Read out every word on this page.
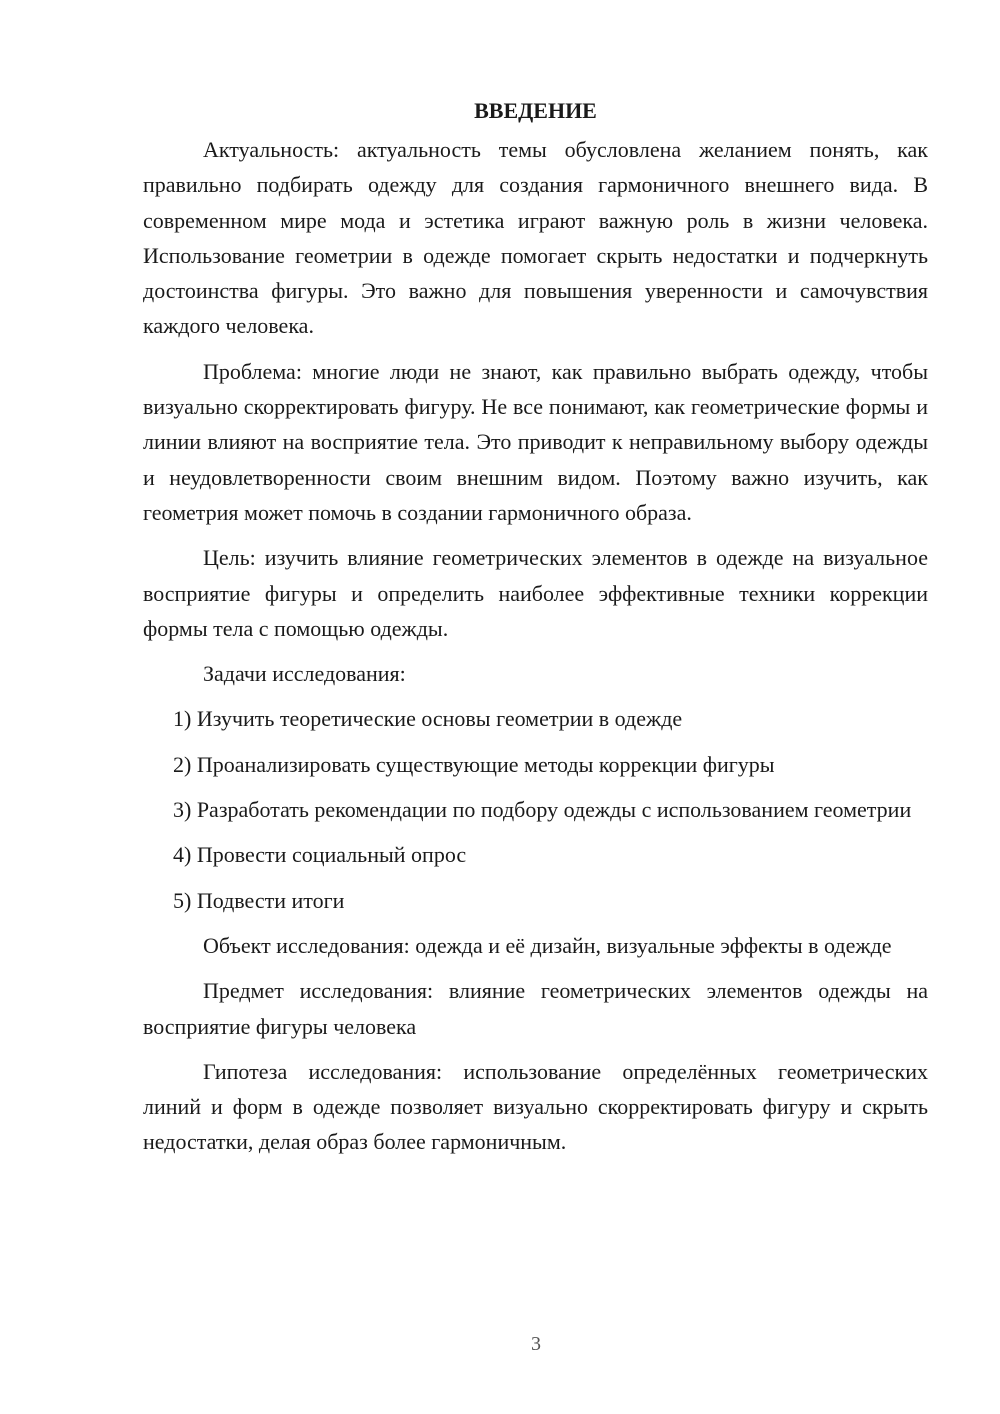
ВВЕДЕНИЕ

Актуальность: актуальность темы обусловлена желанием понять, как правильно подбирать одежду для создания гармоничного внешнего вида. В современном мире мода и эстетика играют важную роль в жизни человека. Использование геометрии в одежде помогает скрыть недостатки и подчеркнуть достоинства фигуры. Это важно для повышения уверенности и самочувствия каждого человека.

Проблема: многие люди не знают, как правильно выбрать одежду, чтобы визуально скорректировать фигуру. Не все понимают, как геометрические формы и линии влияют на восприятие тела. Это приводит к неправильному выбору одежды и неудовлетворенности своим внешним видом. Поэтому важно изучить, как геометрия может помочь в создании гармоничного образа.

Цель: изучить влияние геометрических элементов в одежде на визуальное восприятие фигуры и определить наиболее эффективные техники коррекции формы тела с помощью одежды.

Задачи исследования:

1) Изучить теоретические основы геометрии в одежде

2) Проанализировать существующие методы коррекции фигуры

3) Разработать рекомендации по подбору одежды с использованием геометрии

4) Провести социальный опрос

5) Подвести итоги

Объект исследования: одежда и её дизайн, визуальные эффекты в одежде

Предмет исследования: влияние геометрических элементов одежды на восприятие фигуры человека

Гипотеза исследования: использование определённых геометрических линий и форм в одежде позволяет визуально скорректировать фигуру и скрыть недостатки, делая образ более гармоничным.

3
